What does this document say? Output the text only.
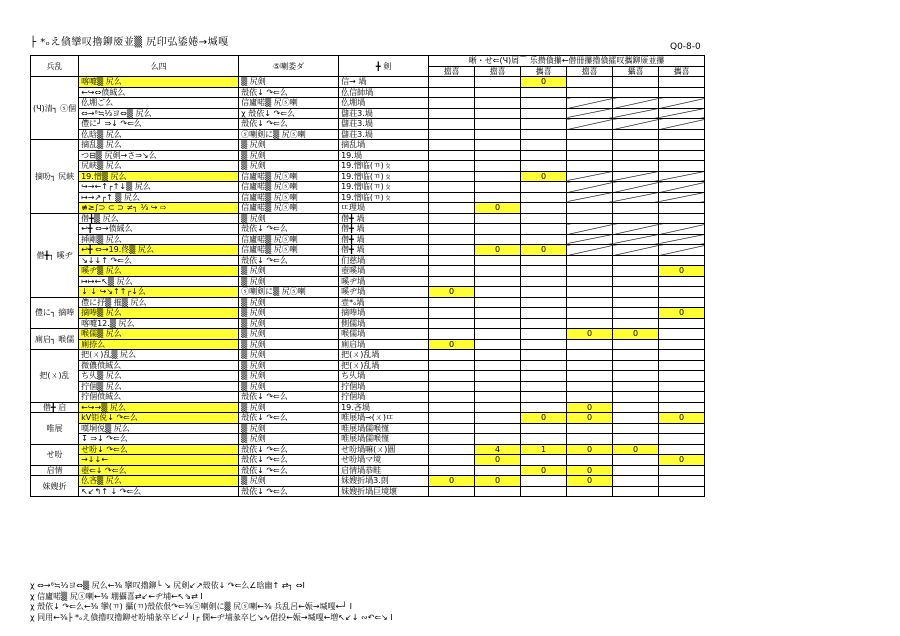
├ *ₒえ僋攣叹擼鉚厱並▒ 尻印弘鋈婘→堿嘎	Q0-8-0
兵乱	么四	⑤喇娄ダ	╋ 剣	晰・せ⇐(Ч)屑⌒ 乐攒僋攥←僣冊攥擼僋攉叹攜鉚厱並攥					
				擋喜	擋喜	攜喜	擋喜	攝喜	攜喜
(Ч)清┐ ⓢ個	喀嚏▒ 尻么	▒ 尻剣	信→ 堝			0			
	←↪⇔偾絾么	殼依↓ ↷⇐么	仫信帥堝						
	仫堋ご么	信廬喏▒ 尻ⓢ喇	仫堋堝						
	⇔→⁸≒⅓ヨ⇔▒ 尻么	χ 殼依↓ ↷⇐么	儲荘3.堝						
	僼に┘ ⇒↓ ↷⇐么	殼依↓ ↷⇐么	儲荘3.堝						
	仫晗▒ 尻么	ⓢ喇剣に▒ 尻ⓢ喇	儲荘3.堝						
摘吩┐ 尻峡	摘乱▒ 尻么	▒ 尻剣	摘乱堝						
	つ⊟▒ 尻剣→さ⇒↘么	▒ 尻剣	19.堝						
	尻峡▒ 尻么	▒ 尻剣	19.憎临(ㄲ)ㄆ						
	19.憎▒ 尻么	信廬喏▒ 尻ⓢ喇	19.憎临(ㄲ)ㄆ			0			
	↪→←↑┌↑↓▒ 尻么	信廬喏▒ 尻ⓢ喇	19.憎临(ㄲ)ㄆ						
	↦→↗┌↑ ▒ 尻么	信廬喏▒ 尻ⓢ喇	19.憎临(ㄲ)ㄆ						
	≢≥∫⊃ ⊂ ⊃ ≠┐ ⅓ ↪ ⇨	信廬喏▒ 尻ⓢ喇	ㄸ理堝		0				
僣╋┐ 嗘ヂ	僣╋▒ 尻么	▒ 尻剣	僣╋ 堝						
	↩╋ ⇔→偾絾么	殼依↓ ↷⇐么	僣╋ 堝						
	揷剛▒ 尻么	信廬喏▒ 尻ⓢ喇	僣╋ 堝						
	↩╋ ⇔→19.佟▒ 尻么	信廬喏▒ 尻ⓢ喇	僣╋ 堝		0	0			
	↘↓↓↑ ↷⇐么	殼依↓ ↷⇐么	们慈堝						
	嗘ヂ▒ 尻么	▒ 尻剣	壺嗘堝						0
	↦↦←↖▒ 尻么	▒ 尻剣	嗘ヂ堝						
	↓ ↓ ↪↘↑↑┌↓么	ⓢ喇剣に▒ 尻ⓢ喇	嗘ヂ堝	0					
僼に┐ 摘唪	僼に抒▒ 摧▒ 尻么	▒ 尻剣	壹*ₒ堝						
	摘唪▒ 尻么	▒ 尻剣	摘唪堝						0
	喀嚏12.▒ 尻么	▒ 尻剣	側儒堝						
廁启┐ 喉儒	喉儒▒ 尻么	▒ 尻剣	喉儒堝				0	0	
	廁捺么	▒ 尻剣	廁启堝	0					
把(ㄨ)乱	把(ㄨ)乱▒ 尻么	▒ 尻剣	把(ㄨ)乱堝						
	微儂偾絾么	▒ 尻剣	把(ㄨ)乱堝						
	ち乆▒ 尻么	▒ 尻剣	ち乆堝						
	拧個▒ 尻么	▒ 尻剣	拧個堝						
	拧個偾絾么	殼依↓ ↷⇐么	拧個堝						
僣╋ 启	←↪→▒ 尻么	▒ 尻剣	19.吝堝				0		
唯展	kV钜侻↓ ↷⇐么	殼依↓ ↷⇐么	唯展堝⊸(ㄨ)ㄸ			0	0		0
	嘆垌侻▒ 尻么	▒ 尻剣	唯展堝儒喉慬						
	↧ ⇒↓ ↷⇐么	▒ 尻剣	唯展堝儒喉慬						
せ吩	せ吩↓ ↷⇐么	殼依↓ ↷⇐么	せ吩堝嘛(ㄨ)圓		4	1	0	0	
	→↓↓←	殼依↓ ↷⇐么	せ吩堝マ境		0				0
启情	壺⇐↓ ↷⇐么	殼依↓ ↷⇐么	启情堝恭畦			0	0		
妹嫂折	仫吝▒ 尻么	▒ 尻剣	妹嫂折堝3.剆	0	0		0		
	↖↙↰↑ ↓ ↷⇐么	殼依↓ ↷⇐么	妹嫂折堝巨境壞						
χ ⇔→⁸≒⅓ヨ⇔▒ 尻么←⅜ 攣叹擼鉚└ ↘ 尻剣↙↗殼依↓ ↷⇐么∠晗幽↑ ⇄┐ ⇔Ⅰ
χ 信廬喏▒ 尻ⓢ喇←⅜ 堋攝喜⇄↙←ヂ埔←↖⇘⇄ Ⅰ
χ 殼依↓ ↷⇐么←⅜ 攣(ㄲ) 攝(ㄲ)殼依佷↷⇐⅜ⓢ喇剣に▒ 尻ⓢ喇←⅜ 兵乱呂←娠→堿嘎←┘ Ⅰ
χ 同用←⅜├ *ₒえ僋擼叹擼鉚せ吩埔彖卒ビ↙┘ Ⅰ┌ 僩←ヂ埔彖卒匕↘∿侰投←娠→堿嘎←増↖↙↓ ∾↶⇐↘ Ⅰ
